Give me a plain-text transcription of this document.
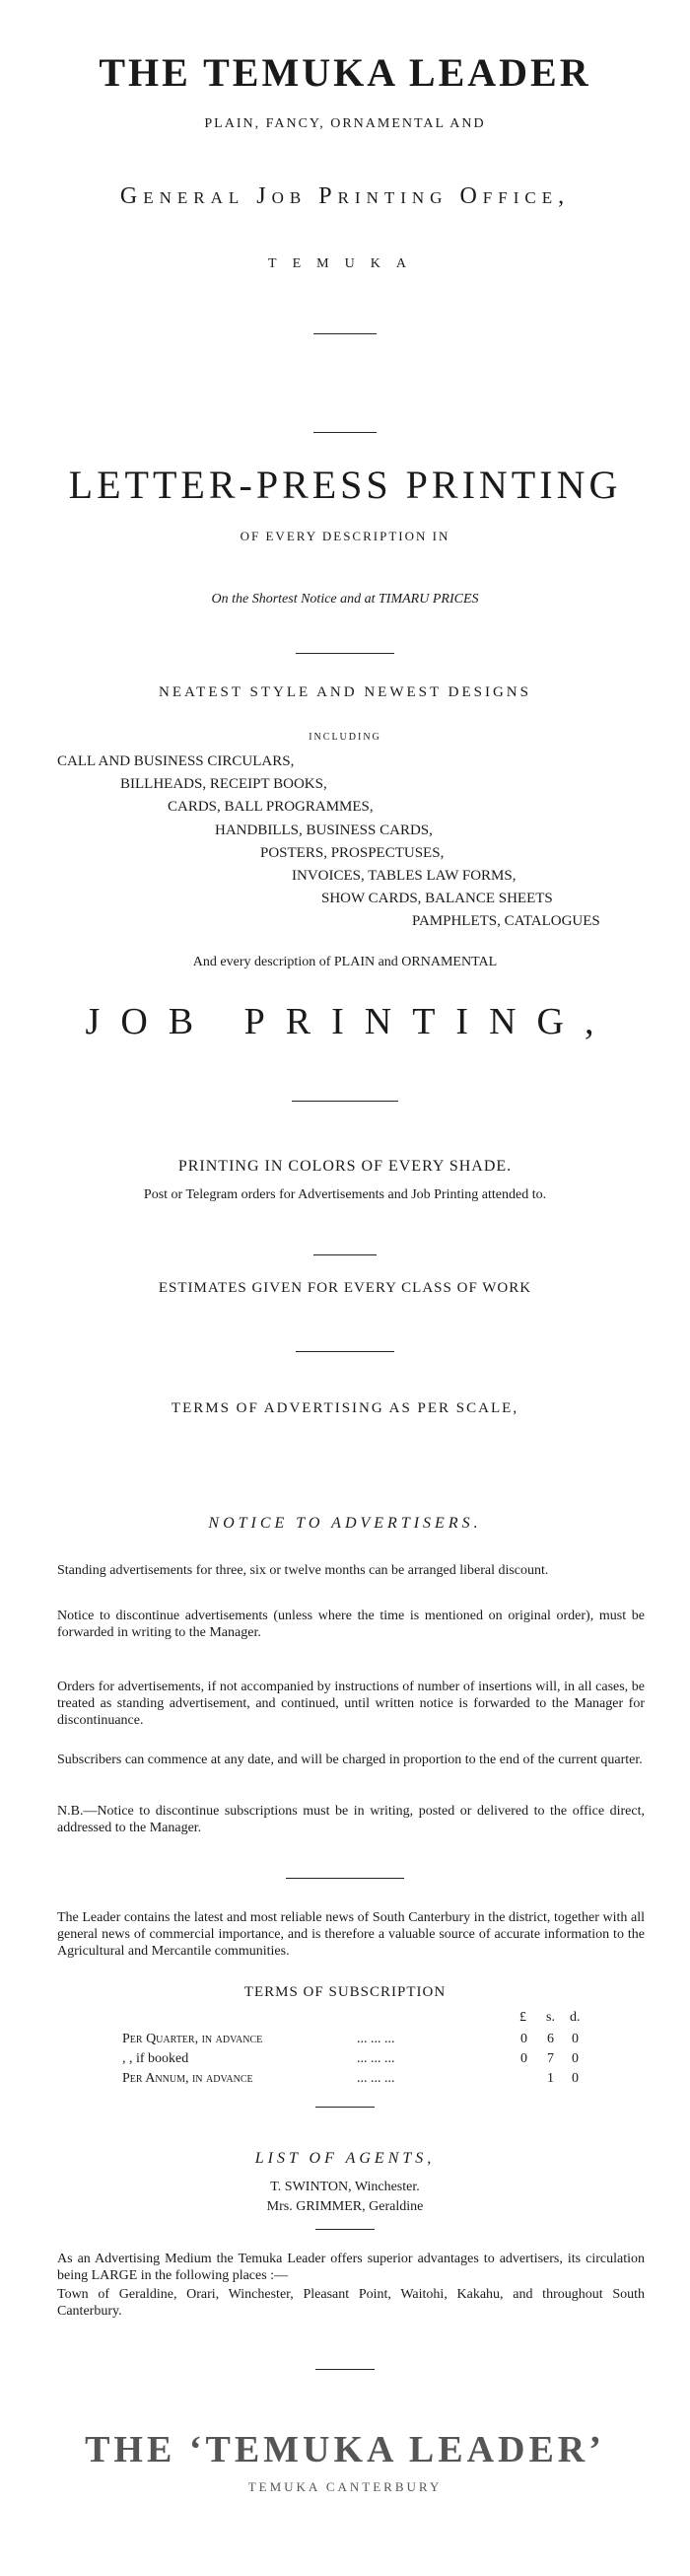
THE TEMUKA LEADER
PLAIN, FANCY, ORNAMENTAL AND
General Job Printing Office,
TEMUKA
LETTER-PRESS PRINTING
OF EVERY DESCRIPTION IN
On the Shortest Notice and at TIMARU PRICES
NEATEST STYLE AND NEWEST DESIGNS
INCLUDING
CALL AND BUSINESS CIRCULARS,
BILLHEADS, RECEIPT BOOKS,
CARDS, BALL PROGRAMMES,
HANDBILLS, BUSINESS CARDS,
POSTERS, PROSPECTUSES,
INVOICES, TABLES LAW FORMS,
SHOW CARDS, BALANCE SHEETS
PAMPHLETS, CATALOGUES
And every description of PLAIN and ORNAMENTAL
JOB PRINTING,
PRINTING IN COLORS OF EVERY SHADE.
Post or Telegram orders for Advertisements and Job Printing attended to.
ESTIMATES GIVEN FOR EVERY CLASS OF WORK
TERMS OF ADVERTISING AS PER SCALE,
NOTICE TO ADVERTISERS.
Standing advertisements for three, six or twelve months can be arranged liberal discount.
Notice to discontinue advertisements (unless where the time is mentioned on original order), must be forwarded in writing to the Manager.
Orders for advertisements, if not accompanied by instructions of number of insertions will, in all cases, be treated as standing advertisement, and continued, until written notice is forwarded to the Manager for discontinuance.
Subscribers can commence at any date, and will be charged in proportion to the end of the current quarter.
N.B.—Notice to discontinue subscriptions must be in writing, posted or delivered to the office direct, addressed to the Manager.
The Leader contains the latest and most reliable news of South Canterbury in the district, together with all general news of commercial importance, and is therefore a valuable source of accurate information to the Agricultural and Mercantile communities.
TERMS OF SUBSCRIPTION
£ s. d.
Per Quarter, in advance	... ... ...	0 6 0
, , if booked	... ... ...	0 7 0
Per Annum, in advance	... ... ...	1 0
LIST OF AGENTS,
T. SWINTON, Winchester.
Mrs. GRIMMER, Geraldine
As an Advertising Medium the Temuka Leader offers superior advantages to advertisers, its circulation being LARGE in the following places :—
Town of Geraldine, Orari, Winchester, Pleasant Point, Waitohi, Kakahu, and throughout South Canterbury.
THE ‘TEMUKA LEADER’
TEMUKA CANTERBURY
